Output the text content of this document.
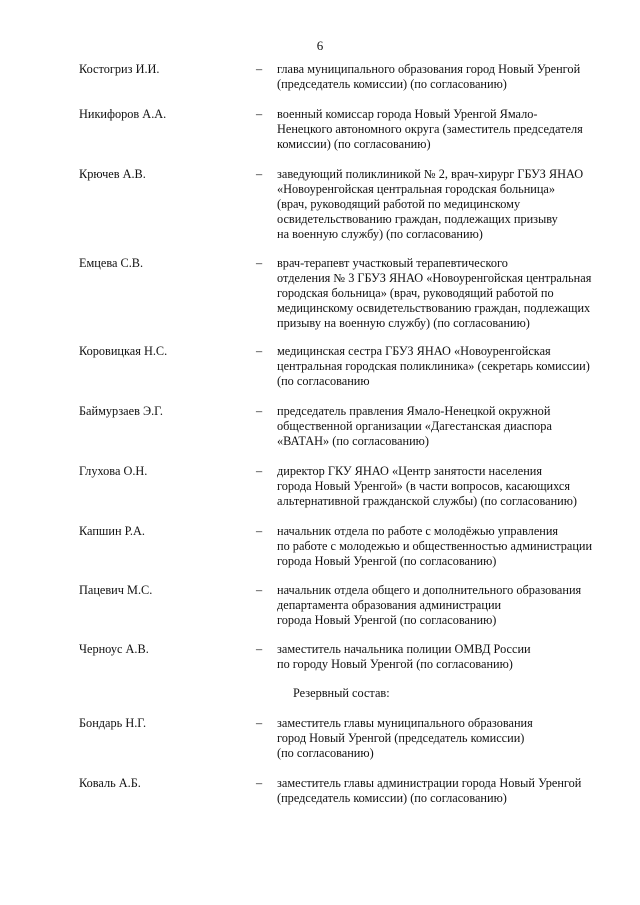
6
Костогриз И.И.	– глава муниципального образования город Новый Уренгой
(председатель комиссии) (по согласованию)
Никифоров А.А.	– военный комиссар города Новый Уренгой Ямало-
Ненецкого автономного округа (заместитель председателя
комиссии) (по согласованию)
Крючев А.В.	– заведующий поликлиникой № 2, врач-хирург ГБУЗ ЯНАО
«Новоуренгойская центральная городская больница»
(врач, руководящий работой по медицинскому
освидетельствованию граждан, подлежащих призыву
на военную службу) (по согласованию)
Емцева С.В.	– врач-терапевт участковый терапевтического
отделения № 3 ГБУЗ ЯНАО «Новоуренгойская центральная
городская больница» (врач, руководящий работой по
медицинскому освидетельствованию граждан, подлежащих
призыву на военную службу) (по согласованию)
Коровицкая Н.С.	– медицинская сестра ГБУЗ ЯНАО «Новоуренгойская
центральная городская поликлиника» (секретарь комиссии)
(по согласованию
Баймурзаев Э.Г.	– председатель правления Ямало-Ненецкой окружной
общественной организации «Дагестанская диаспора
«ВАТАН» (по согласованию)
Глухова О.Н.	– директор ГКУ ЯНАО «Центр занятости населения
города Новый Уренгой» (в части вопросов, касающихся
альтернативной гражданской службы) (по согласованию)
Капшин Р.А.	– начальник отдела по работе с молодёжью управления
по работе с молодежью и общественностью администрации
города Новый Уренгой (по согласованию)
Пацевич М.С.	– начальник отдела общего и дополнительного образования
департамента образования администрации
города Новый Уренгой (по согласованию)
Черноус А.В.	– заместитель начальника полиции ОМВД России
по городу Новый Уренгой (по согласованию)
Резервный состав:
Бондарь Н.Г.	– заместитель главы муниципального образования
город Новый Уренгой (председатель комиссии)
(по согласованию)
Коваль А.Б.	– заместитель главы администрации города Новый Уренгой
(председатель комиссии) (по согласованию)
